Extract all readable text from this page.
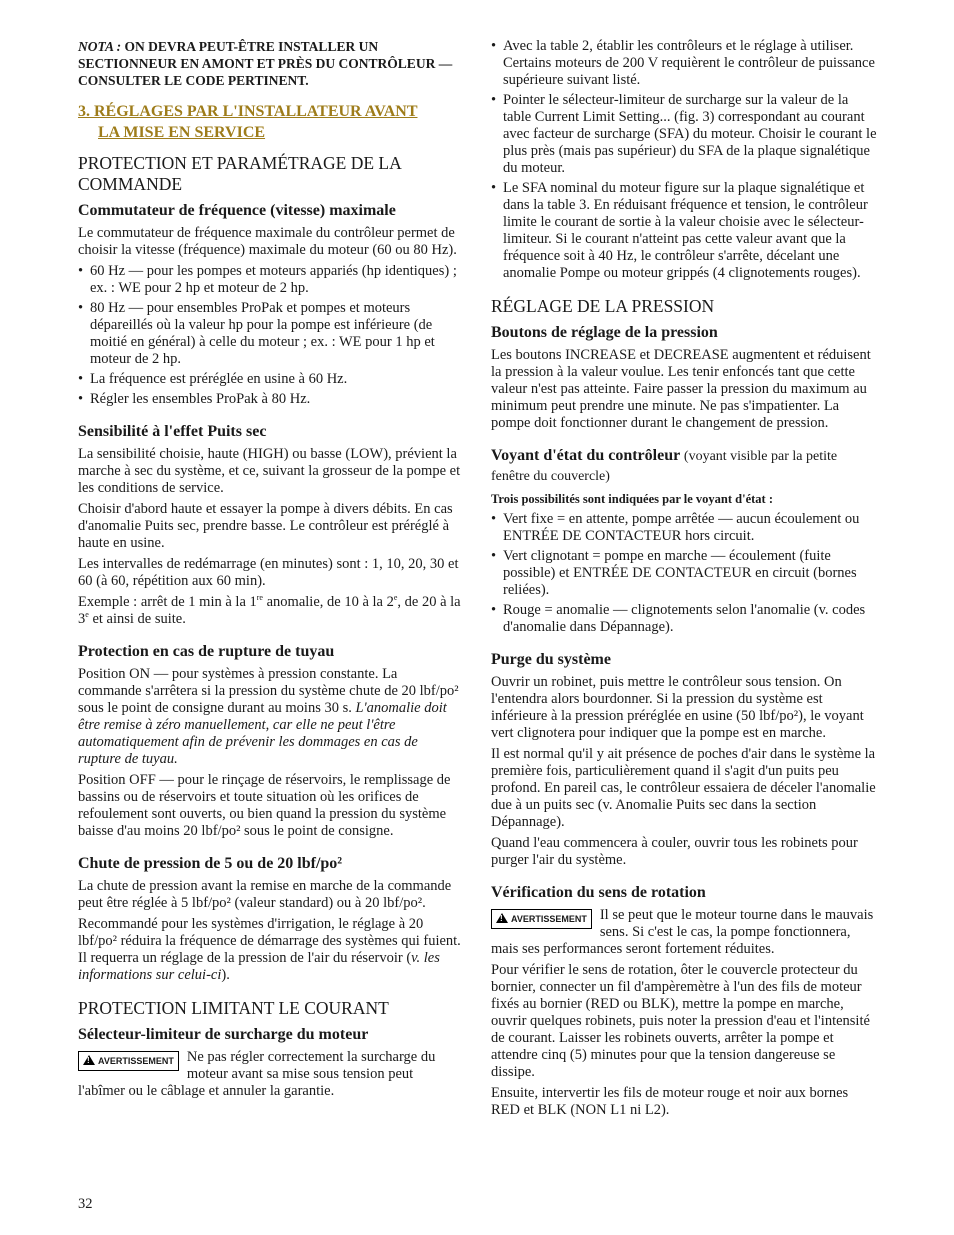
NOTA : ON DEVRA PEUT-ÊTRE INSTALLER UN SECTIONNEUR EN AMONT ET PRÈS DU CONTRÔLEUR — CONSULTER LE CODE PERTINENT.

3. RÉGLAGES PAR L'INSTALLATEUR AVANT
LA MISE EN SERVICE
PROTECTION ET PARAMÉTRAGE DE LA COMMANDE
Commutateur de fréquence (vitesse) maximale

Le commutateur de fréquence maximale du contrôleur permet de choisir la vitesse (fréquence) maximale du moteur (60 ou 80 Hz).

• 60 Hz — pour les pompes et moteurs appariés (hp identiques) ; ex. : WE pour 2 hp et moteur de 2 hp.
• 80 Hz — pour ensembles ProPak et pompes et moteurs dépareillés où la valeur hp pour la pompe est inférieure (de moitié en général) à celle du moteur ; ex. : WE pour 1 hp et moteur de 2 hp.
• La fréquence est préréglée en usine à 60 Hz.
• Régler les ensembles ProPak à 80 Hz.
Sensibilité à l'effet Puits sec

La sensibilité choisie, haute (HIGH) ou basse (LOW), prévient la marche à sec du système, et ce, suivant la grosseur de la pompe et les conditions de service.

Choisir d'abord haute et essayer la pompe à divers débits. En cas d'anomalie Puits sec, prendre basse. Le contrôleur est préréglé à haute en usine.

Les intervalles de redémarrage (en minutes) sont : 1, 10, 20, 30 et 60 (à 60, répétition aux 60 min).

Exemple : arrêt de 1 min à la 1re anomalie, de 10 à la 2e, de 20 à la 3e et ainsi de suite.

Protection en cas de rupture de tuyau

Position ON — pour systèmes à pression constante. La commande s'arrêtera si la pression du système chute de 20 lbf/po² sous le point de consigne durant au moins 30 s. L'anomalie doit être remise à zéro manuellement, car elle ne peut l'être automatiquement afin de prévenir les dommages en cas de rupture de tuyau.

Position OFF — pour le rinçage de réservoirs, le remplissage de bassins ou de réservoirs et toute situation où les orifices de refoulement sont ouverts, ou bien quand la pression du système baisse d'au moins 20 lbf/po² sous le point de consigne.

Chute de pression de 5 ou de 20 lbf/po²

La chute de pression avant la remise en marche de la commande peut être réglée à 5 lbf/po² (valeur standard) ou à 20 lbf/po².

Recommandé pour les systèmes d'irrigation, le réglage à 20 lbf/po² réduira la fréquence de démarrage des systèmes qui fuient. Il requerra un réglage de la pression de l'air du réservoir (v. les informations sur celui-ci).

PROTECTION LIMITANT LE COURANT
Sélecteur-limiteur de surcharge du moteur
!AVERTISSEMENT Ne pas régler correctement la surcharge du moteur avant sa mise sous tension peut l'abîmer ou le câblage et annuler la garantie.

• Avec la table 2, établir les contrôleurs et le réglage à utiliser. Certains moteurs de 200 V requièrent le contrôleur de puissance supérieure suivant listé.
• Pointer le sélecteur-limiteur de surcharge sur la valeur de la table Current Limit Setting... (fig. 3) correspondant au courant avec facteur de surcharge (SFA) du moteur. Choisir le courant le plus près (mais pas supérieur) du SFA de la plaque signalétique du moteur.
• Le SFA nominal du moteur figure sur la plaque signalétique et dans la table 3. En réduisant fréquence et tension, le contrôleur limite le courant de sortie à la valeur choisie avec le sélecteur-limiteur. Si le courant n'atteint pas cette valeur avant que la fréquence soit à 40 Hz, le contrôleur s'arrête, décelant une anomalie Pompe ou moteur grippés (4 clignotements rouges).
RÉGLAGE DE LA PRESSION
Boutons de réglage de la pression

Les boutons INCREASE et DECREASE augmentent et réduisent la pression à la valeur voulue. Les tenir enfoncés tant que cette valeur n'est pas atteinte. Faire passer la pression du maximum au minimum peut prendre une minute. Ne pas s'impatienter. La pompe doit fonctionner durant le changement de pression.

Voyant d'état du contrôleur (voyant visible par la petite fenêtre du couvercle)

Trois possibilités sont indiquées par le voyant d'état :

• Vert fixe = en attente, pompe arrêtée — aucun écoulement ou ENTRÉE DE CONTACTEUR hors circuit.
• Vert clignotant = pompe en marche — écoulement (fuite possible) et ENTRÉE DE CONTACTEUR en circuit (bornes reliées).
• Rouge = anomalie — clignotements selon l'anomalie (v. codes d'anomalie dans Dépannage).
Purge du système

Ouvrir un robinet, puis mettre le contrôleur sous tension. On l'entendra alors bourdonner. Si la pression du système est inférieure à la pression préréglée en usine (50 lbf/po²), le voyant vert clignotera pour indiquer que la pompe est en marche.

Il est normal qu'il y ait présence de poches d'air dans le système la première fois, particulièrement quand il s'agit d'un puits peu profond. En pareil cas, le contrôleur essaiera de déceler l'anomalie due à un puits sec (v. Anomalie Puits sec dans la section Dépannage).

Quand l'eau commencera à couler, ouvrir tous les robinets pour purger l'air du système.

Vérification du sens de rotation
!AVERTISSEMENT Il se peut que le moteur tourne dans le mauvais sens. Si c'est le cas, la pompe fonctionnera, mais ses performances seront fortement réduites.

Pour vérifier le sens de rotation, ôter le couvercle protecteur du bornier, connecter un fil d'ampèremètre à l'un des fils de moteur fixés au bornier (RED ou BLK), mettre la pompe en marche, ouvrir quelques robinets, puis noter la pression d'eau et l'intensité de courant. Laisser les robinets ouverts, arrêter la pompe et attendre cinq (5) minutes pour que la tension dangereuse se dissipe.

Ensuite, intervertir les fils de moteur rouge et noir aux bornes RED et BLK (NON L1 ni L2).

32
